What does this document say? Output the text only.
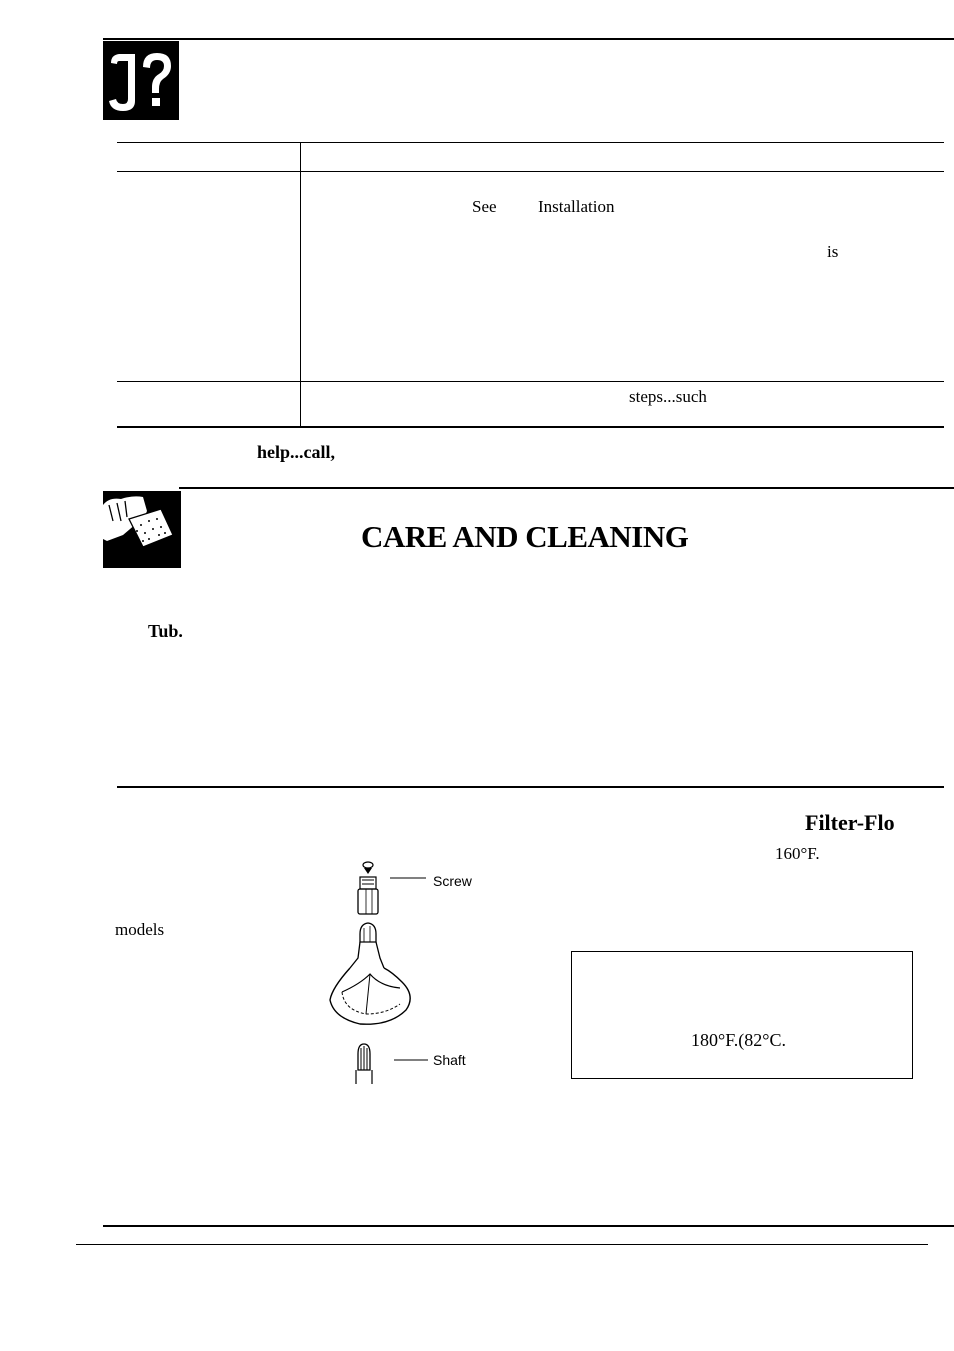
See Installation
is
steps...such
help...call,
CARE AND CLEANING
Tub.
Filter-Flo
160°F.
models
Screw
Shaft
180°F.(82°C.
